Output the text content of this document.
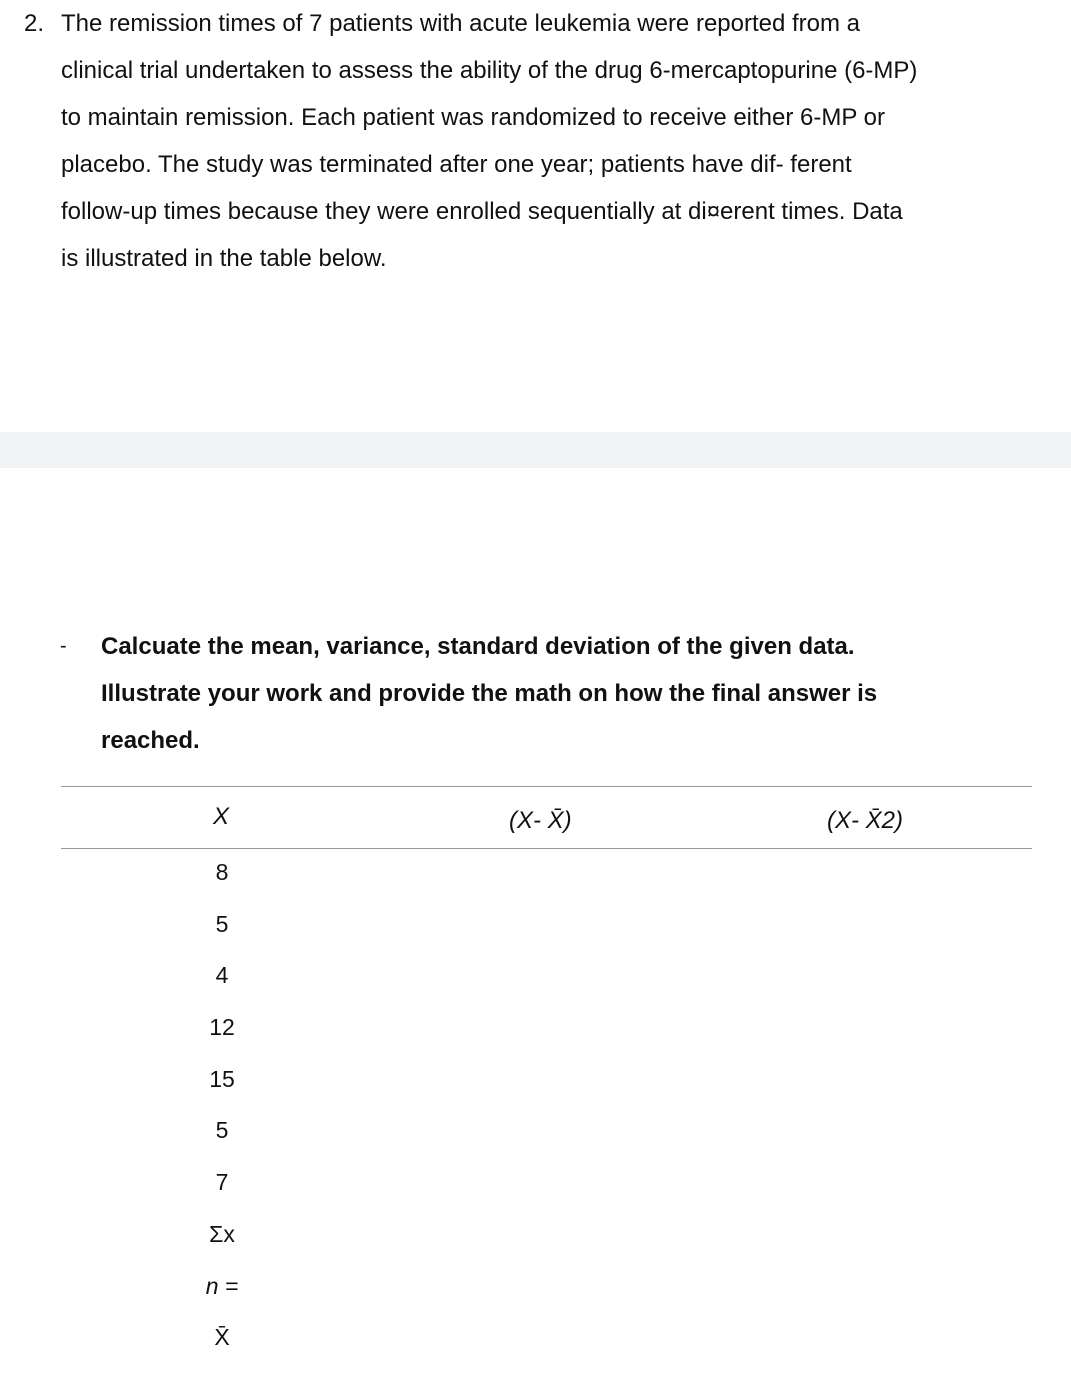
2. The remission times of 7 patients with acute leukemia were reported from a
clinical trial undertaken to assess the ability of the drug 6-mercaptopurine (6-MP)
to maintain remission. Each patient was randomized to receive either 6-MP or
placebo. The study was terminated after one year; patients have dif- ferent
follow-up times because they were enrolled sequentially at di¤erent times. Data
is illustrated in the table below.
- Calcuate the mean, variance, standard deviation of the given data.
Illustrate your work and provide the math on how the final answer is
reached.
X	(X- X̄)	(X- X̄2)
8
5
4
12
15
5
7
Σx
n =
X̄
